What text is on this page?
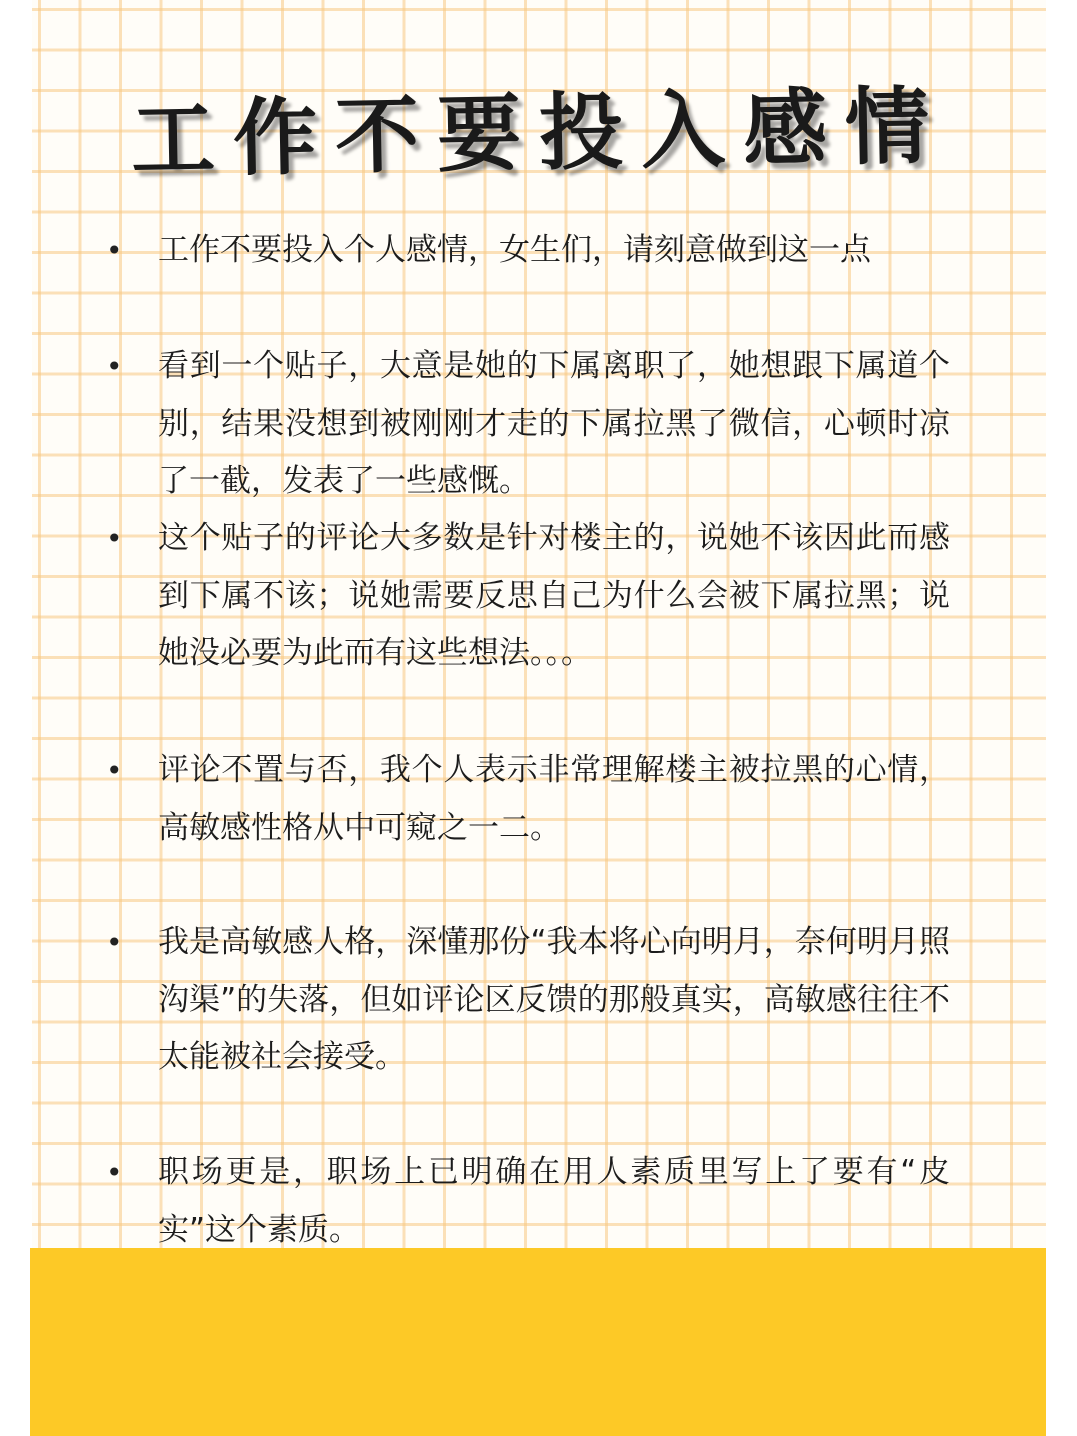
工作不要投入感情
• 工作不要投入个人感情，女生们，请刻意做到这一点
• 看到一个贴子，大意是她的下属离职了，她想跟下属道个别，结果没想到被刚刚才走的下属拉黑了微信，心顿时凉了一截，发表了一些感慨。
• 这个贴子的评论大多数是针对楼主的，说她不该因此而感到下属不该；说她需要反思自己为什么会被下属拉黑；说她没必要为此而有这些想法。。。
• 评论不置与否，我个人表示非常理解楼主被拉黑的心情，高敏感性格从中可窥之一二。
• 我是高敏感人格，深懂那份“我本将心向明月，奈何明月照沟渠”的失落，但如评论区反馈的那般真实，高敏感往往不太能被社会接受。
• 职场更是，职场上已明确在用人素质里写上了要有“皮实”这个素质。
